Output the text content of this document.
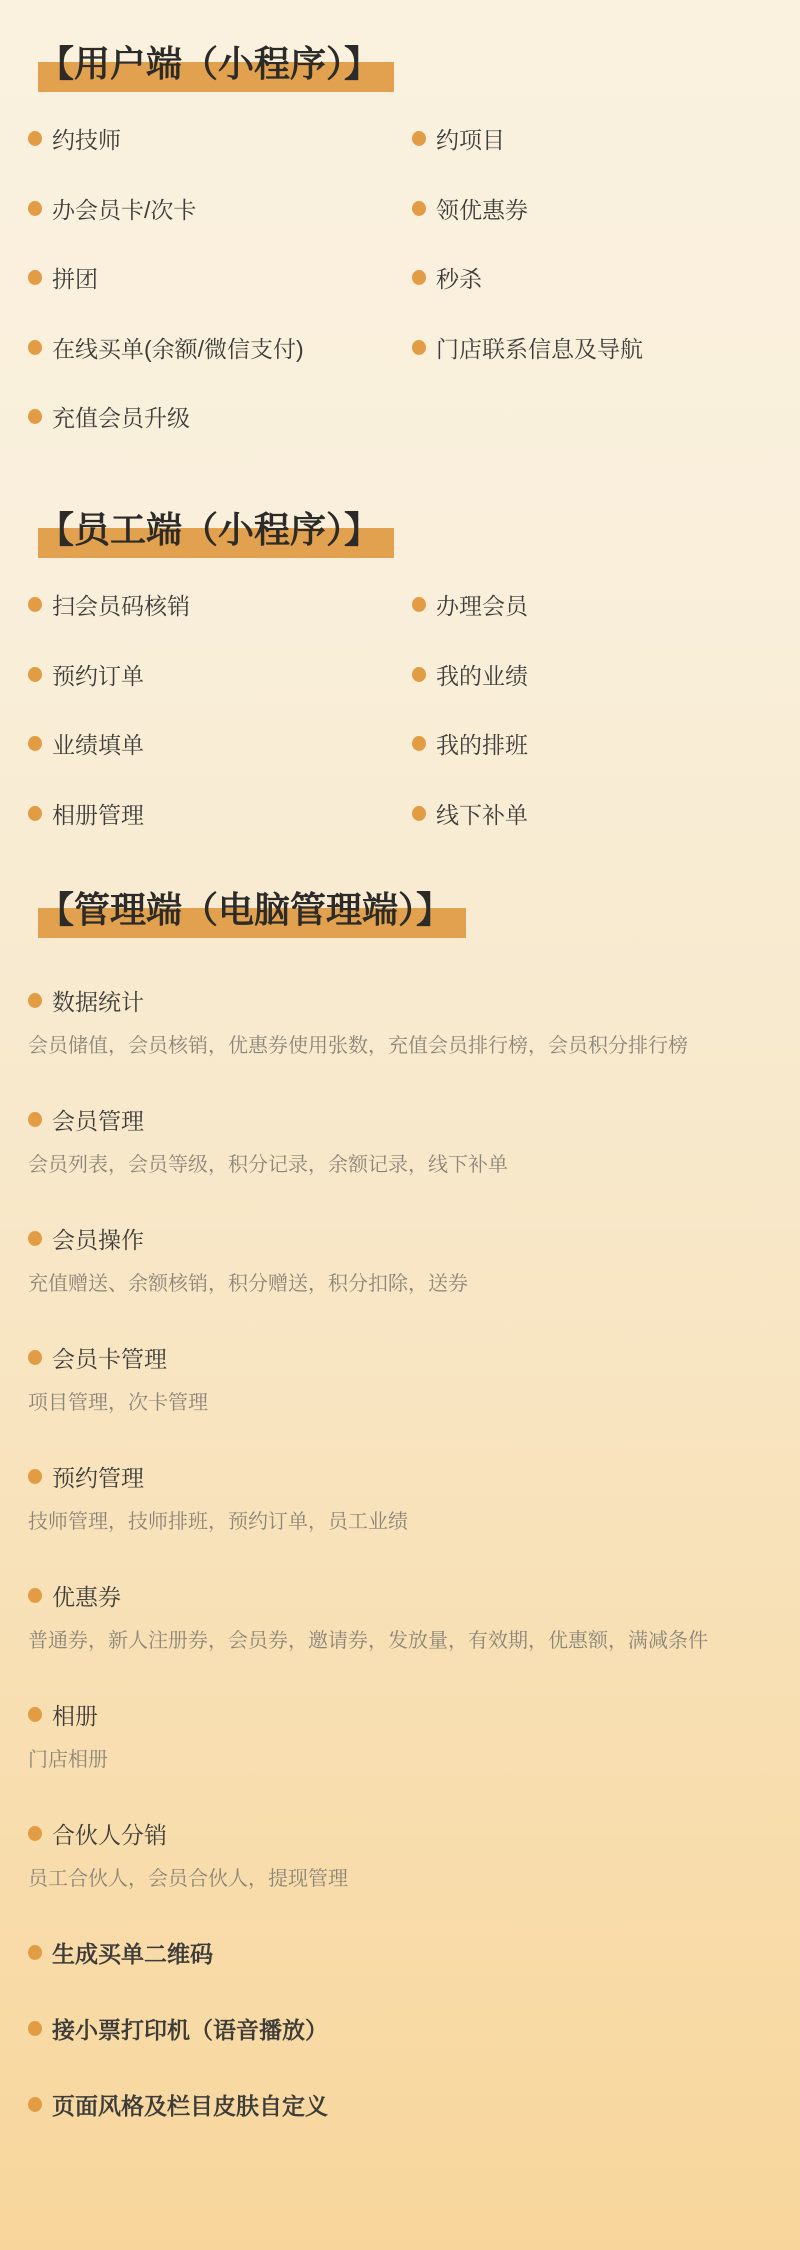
【用户端（小程序）】
约技师	约项目
办会员卡/次卡	领优惠券
拼团	秒杀
在线买单(余额/微信支付)	门店联系信息及导航
充值会员升级
【员工端（小程序）】
扫会员码核销	办理会员
预约订单	我的业绩
业绩填单	我的排班
相册管理	线下补单
【管理端（电脑管理端）】
数据统计

会员储值，会员核销，优惠券使用张数，充值会员排行榜，会员积分排行榜

会员管理

会员列表，会员等级，积分记录，余额记录，线下补单

会员操作

充值赠送、余额核销，积分赠送，积分扣除，送券

会员卡管理

项目管理，次卡管理

预约管理

技师管理，技师排班，预约订单，员工业绩

优惠券

普通券，新人注册券，会员券，邀请券，发放量，有效期，优惠额，满减条件

相册

门店相册

合伙人分销

员工合伙人，会员合伙人，提现管理

生成买单二维码
接小票打印机（语音播放）
页面风格及栏目皮肤自定义
